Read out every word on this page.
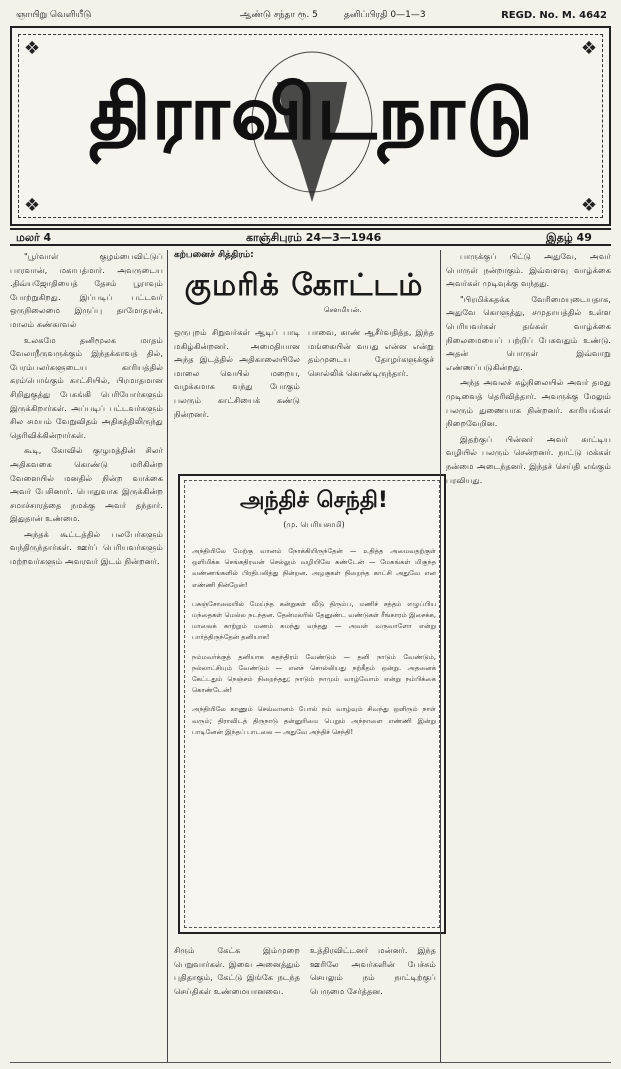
ஞாயிறு வெளியீடு	ஆண்டு சந்தா ரூ. 5	தனிப்பிரதி 0—1—3	REGD. No. M. 4642
❖	❖
❖	❖
திராவிடநாடு
மலர் 4	காஞ்சிபுரம் 24—3—1946	இதழ் 49

"பூர்வாள் குழம்பைவிட்டுப் பாரவான், மகாபத்மார். அவருடைய .திவ்யஜோதியைத் தேசம் பூராவும் போற்றுகிறது. இப்படிப் பட்டவர் ஒருநிலைமை இருப்பு தாமோதரன், மாலம் கண்காவல்

உலகமே தனிமூலக மாதம் வேலாநீருவருக்கும் இந்தக்காவத் தில், பேரம்பலர்களுடைய காரியத்தில் கரம்பொங்கும் காட்சியில், பிரமாதமான சிறிதுகுத்து பேசுங்கி பெரியோர்களும் இருக்கிறார்கள். அப்படிப் பட்டவர்களும் சில சமயம் வேறுவிதம் அதிகத்திலிருந்து தெரிவிக்கின்றார்கள்.

கூடி, கோவில் குழுமத்தின் சிலர் அதிகவகை கொண்டு மரிகின்ற வேளையில் மனதில் நின்ற வாக்கை அவர் பேசினார். பொதுவாக இருக்கின்ற சமாச்சாரத்தை நமக்கு அவர் தந்தார். இதுதான் உண்மை.

அந்தக் கூட்டத்தில் பலபேர்களும் வந்திருந்தார்கள். ஊர்ப் பெரியவர்களும் மற்றவர்களும் அவரவர் இடம் நின்றனர்.

கற்பனைச் சித்திரம்:
குமரிக் கோட்டம்
சௌமியன்.
ஒருபுறம் சிறுவர்கள் ஆடிப் பாடி மகிழ்கின்றனர். அமைதியான அந்த இடத்தில் அதிகாலையிலே மாலை வெயில் மறைய, வழக்கமாக வந்து போகும் பலரும் காட்சியைக் கண்டு நின்றனர்.
பாவை, காண் ஆசீர்வதித்த, இந்த மங்கையின் வயது என்ன என்று தம்முடைய தோழர்களுக்குச் சொல்லிக் கொண்டிருந்தார்.
அந்திச் செந்தி!
(மு. பெரியசாமி)

அந்தியிலே மேற்கு வானம் நோக்கியிருந்தேன் — உதித்த அமைவதற்குள் ஒளிமிக்க செங்கதிரவன் செல்லும் வழியிலே கண்டேன் — மேகங்கள் மிகுந்த வண்ணங்களில் பிரதிபலித்து நின்றன. அழகுகள் நிறைந்த காட்சி அதுவே என எண்ணி நின்றேன்!

பசுஞ்சோலையில் மேய்ந்த கன்றுகள் வீடு திரும்ப, மணிச் சத்தம் எழுப்பிய மந்தைகள் மெல்ல நடந்தன. தேன்மலரில் தேனுண்ட வண்டுகள் ரீங்காரம் இசைக்க, மாலைக் காற்றும் மணம் சுமந்து வந்தது — அவள் வருவாளோ என்று பார்த்திருந்தேன் தனியாக!

நம்மவர்க்குத் தனியாக சுதந்திரம் வேண்டும் — தனி நாடும் வேண்டும், நல்லாட்சியும் வேண்டும் — எனச் சொல்லியது நற்கீதம் ஒன்று. அதனைக் கேட்டதும் நெஞ்சம் நிறைந்தது; நாடும் நாமும் வாழ்வோம் என்று நம்பிக்கை கொண்டேன்!

அந்தியிலே காணும் செவ்வானம் போல் நம் வாழ்வும் சிவந்து ஒளிரும் நாள் வரும்; திராவிடத் திருநாடு தன்னுரிமை பெறும் அந்நாளை எண்ணி இன்று பாடினேன் இந்தப் பாடலை — அதுவே அந்திச் செந்தி!

சிரும் கேட்க இம்முறை பெறுவார்கள். இவை அனைத்தும் புதிதாகும், கேட்டு இங்கே நடந்த செய்திகள் உண்மையானவை.
உத்திரவிட்டனர் மன்னர். இந்த ஊரிலே அவர்களின் பேச்சும் செயலும் நம் நாட்டிற்குப் பெருமை சேர்த்தன.

பாருக்குப் பிட்டு அதுவே, அவர் பொருள் நன்றாகும். இவ்வளவு வாழ்க்கை அவர்கள் முடிவுக்கு வந்தது.

"பிரமிக்கதக்க வேரிமையுடையதாக, அதுவே கொளுத்து, சமுதாயத்தில் உள்ள பெரியவர்கள் தங்கள் வாழ்க்கை நிலைமையைப் பற்றிப் பேசுவதும் உண்டு. அதன் பொருள் இவ்வாறு எண்ணப்படுகின்றது.

அந்த அவலச் சுழ்நிலையில் அவர் தமது முடிவைத் தெரிவித்தார். அவருக்கு மேலும் பலரும் துணையாக நின்றனர். காரியங்கள் நிறைவேறின.

இதற்குப் பின்னர் அவர் காட்டிய வழியில் பலரும் சென்றனர். நாட்டு மக்கள் நன்மை அடைந்தனர். இந்தச் செய்தி எங்கும் பரவியது.
